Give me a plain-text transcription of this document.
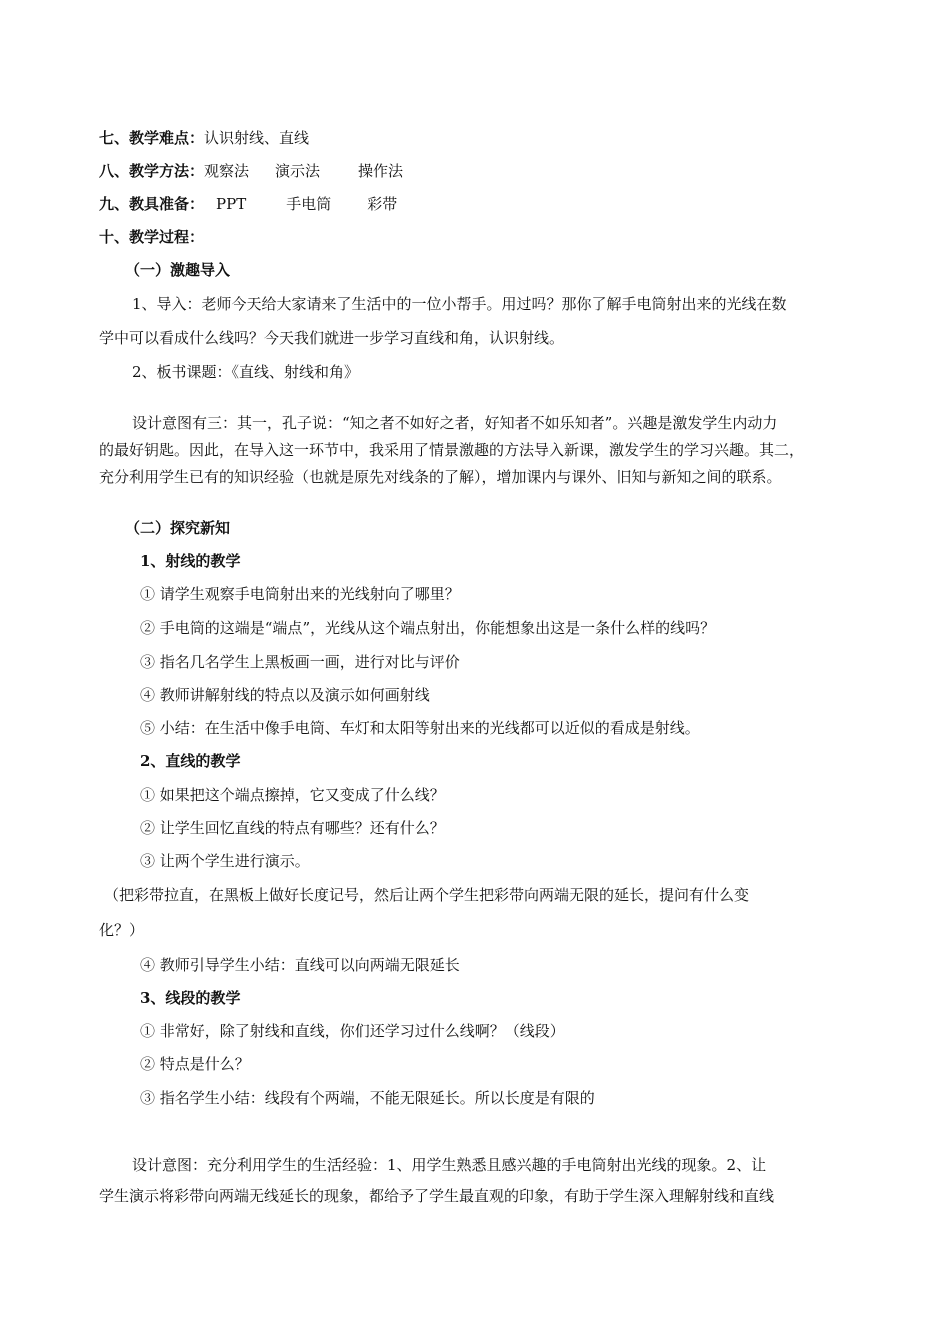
七、教学难点：认识射线、直线
八、教学方法：观察法 演示法	操作法
九、教具准备： PPT	手电筒 彩带
十、教学过程：
（一）激趣导入
1、导入：老师今天给大家请来了生活中的一位小帮手。用过吗？那你了解手电筒射出来的光线在数
学中可以看成什么线吗？今天我们就进一步学习直线和角，认识射线。
2、板书课题：《直线、射线和角》
设计意图有三：其一，孔子说：“知之者不如好之者，好知者不如乐知者”。兴趣是激发学生内动力
的最好钥匙。因此，在导入这一环节中，我采用了情景激趣的方法导入新课，激发学生的学习兴趣。其二，
充分利用学生已有的知识经验（也就是原先对线条的了解），增加课内与课外、旧知与新知之间的联系。
（二）探究新知
1、射线的教学
① 请学生观察手电筒射出来的光线射向了哪里？
② 手电筒的这端是“端点”，光线从这个端点射出，你能想象出这是一条什么样的线吗？
③ 指名几名学生上黑板画一画，进行对比与评价
④ 教师讲解射线的特点以及演示如何画射线
⑤ 小结：在生活中像手电筒、车灯和太阳等射出来的光线都可以近似的看成是射线。
2、直线的教学
① 如果把这个端点擦掉，它又变成了什么线？
② 让学生回忆直线的特点有哪些？还有什么？
③ 让两个学生进行演示。
（把彩带拉直，在黑板上做好长度记号，然后让两个学生把彩带向两端无限的延长，提问有什么变
化？）
④ 教师引导学生小结：直线可以向两端无限延长
3、线段的教学
① 非常好，除了射线和直线，你们还学习过什么线啊？（线段）
② 特点是什么？
③ 指名学生小结：线段有个两端，不能无限延长。所以长度是有限的
设计意图：充分利用学生的生活经验：1、用学生熟悉且感兴趣的手电筒射出光线的现象。2、让
学生演示将彩带向两端无线延长的现象，都给予了学生最直观的印象，有助于学生深入理解射线和直线
